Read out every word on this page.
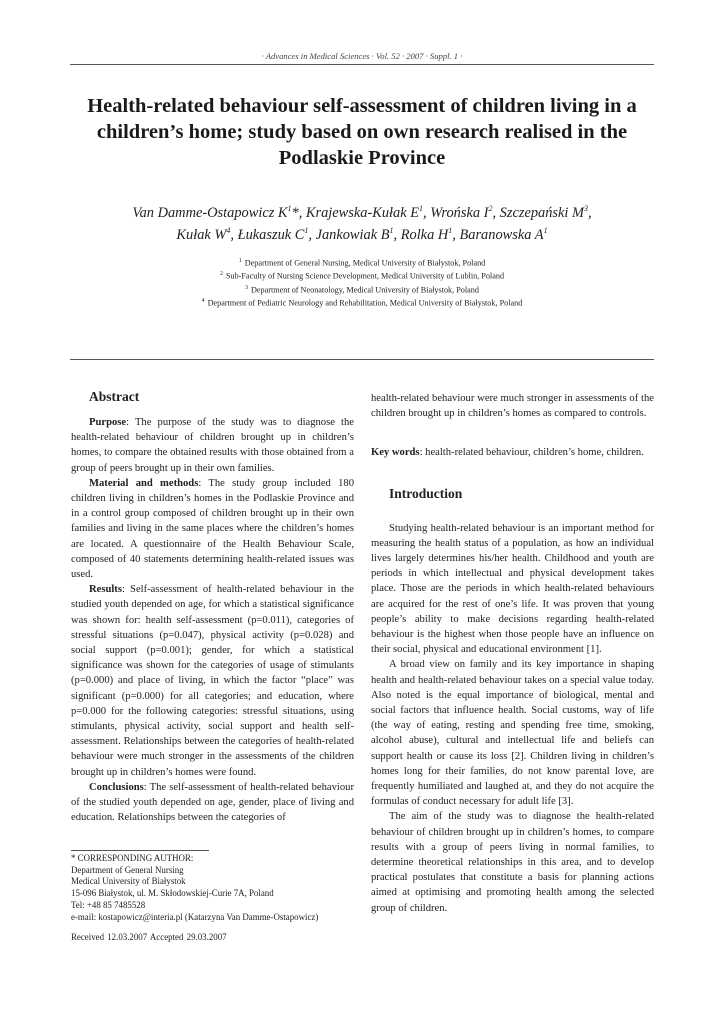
· Advances in Medical Sciences · Vol. 52 · 2007 · Suppl. 1 ·
Health-related behaviour self-assessment of children living in a children’s home; study based on own research realised in the Podlaskie Province
Van Damme-Ostapowicz $K^1*$, Krajewska-Kułak $E^1$, Wrońska $I^2$, Szczepański $M^3$,
Kułak $W^4$, Łukaszuk $C^1$, Jankowiak $B^1$, Rolka $H^1$, Baranowska $A^1$
$^1$ Department of General Nursing, Medical University of Białystok, Poland
$^2$ Sub-Faculty of Nursing Science Development, Medical University of Lublin, Poland
$^3$ Department of Neonatology, Medical University of Białystok, Poland
$^4$ Department of Pediatric Neurology and Rehabilitation, Medical University of Białystok, Poland
Abstract

Purpose: The purpose of the study was to diagnose the health-related behaviour of children brought up in children’s homes, to compare the obtained results with those obtained from a group of peers brought up in their own families.

Material and methods: The study group included 180 children living in children’s homes in the Podlaskie Province and in a control group composed of children brought up in their own families and living in the same places where the children’s homes are located. A questionnaire of the Health Behaviour Scale, composed of 40 statements determining health-related issues was used.

Results: Self-assessment of health-related behaviour in the studied youth depended on age, for which a statistical significance was shown for: health self-assessment (p=0.011), categories of stressful situations (p=0.047), physical activity (p=0.028) and social support (p=0.001); gender, for which a statistical significance was shown for the categories of usage of stimulants (p=0.000) and place of living, in which the factor “place” was significant (p=0.000) for all categories; and education, where p=0.000 for the following categories: stressful situations, using stimulants, physical activity, social support and health self-assessment. Relationships between the categories of health-related behaviour were much stronger in the assessments of the children brought up in children’s homes were found.

Conclusions: The self-assessment of health-related behaviour of the studied youth depended on age, gender, place of living and education. Relationships between the categories of

* CORRESPONDING AUTHOR:
Department of General Nursing
Medical University of Białystok
15-096 Białystok, ul. M. Skłodowskiej-Curie 7A, Poland
Tel: +48 85 7485528
e-mail: kostapowicz@interia.pl (Katarzyna Van Damme-Ostapowicz)
Received 12.03.2007 Accepted 29.03.2007

health-related behaviour were much stronger in assessments of the children brought up in children’s homes as compared to controls.

Key words: health-related behaviour, children’s home, children.

Introduction

Studying health-related behaviour is an important method for measuring the health status of a population, as how an individual lives largely determines his/her health. Childhood and youth are periods in which intellectual and physical development takes place. Those are the periods in which health-related behaviours are acquired for the rest of one’s life. It was proven that young people’s ability to make decisions regarding health-related behaviour is the highest when those people have an influence on their social, physical and educational environment [1].

A broad view on family and its key importance in shaping health and health-related behaviour takes on a special value today. Also noted is the equal importance of biological, mental and social factors that influence health. Social customs, way of life (the way of eating, resting and spending free time, smoking, alcohol abuse), cultural and intellectual life and beliefs can support health or cause its loss [2]. Children living in children’s homes long for their families, do not know parental love, are frequently humiliated and laughed at, and they do not acquire the formulas of conduct necessary for adult life [3].

The aim of the study was to diagnose the health-related behaviour of children brought up in children’s homes, to compare results with a group of peers living in normal families, to determine theoretical relationships in this area, and to develop practical postulates that constitute a basis for planning actions aimed at optimising and promoting health among the selected group of children.
